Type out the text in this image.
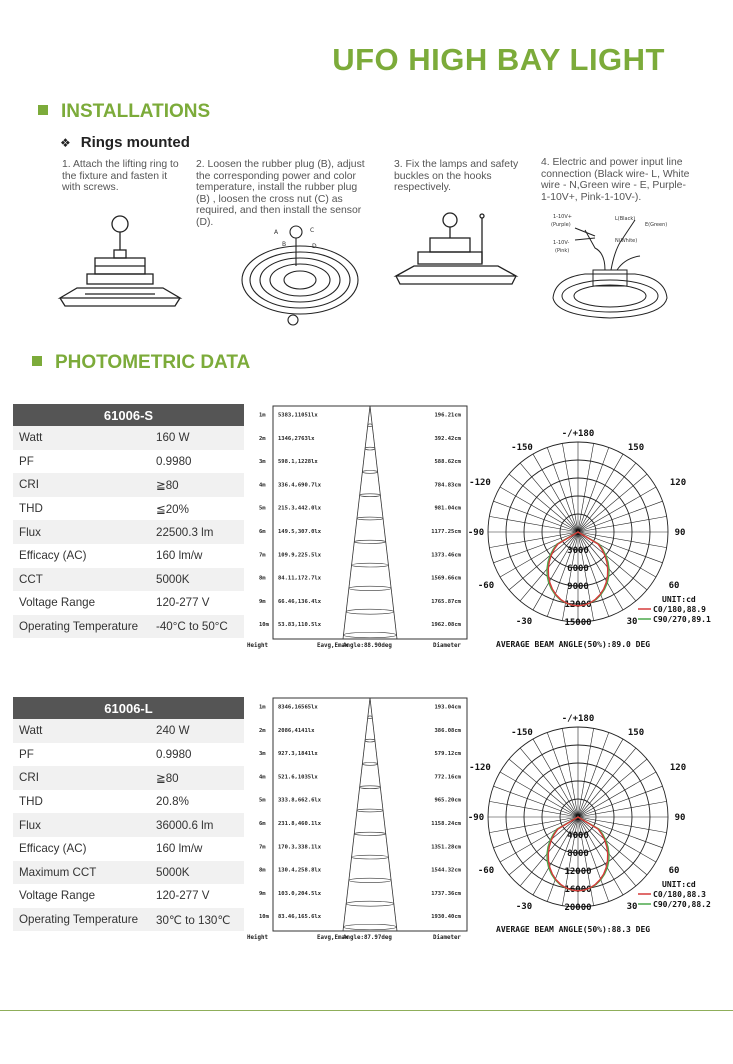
UFO HIGH BAY LIGHT
INSTALLATIONS
❖ Rings mounted
1. Attach the lifting ring to the fixture and fasten it with screws.
2. Loosen the rubber plug (B), adjust the corresponding power and color temperature, install the rubber plug (B) , loosen the cross nut (C) as required, and then install the sensor (D).
3. Fix the lamps and safety buckles on the hooks respectively.
4. Electric and power input line connection (Black wire- L, White wire - N,Green wire - E, Purple-1-10V+, Pink-1-10V-).
A
B
C
D
1-10V+
(Purple)
1-10V-
(Pink)
L(Black)
N(White)
E(Green)
PHOTOMETRIC DATA
61006-S	
Watt	160 W
PF	0.9980
CRI	≧80
THD	≦20%
Flux	22500.3 lm
Efficacy (AC)	160 lm/w
CCT	5000K
Voltage Range	120-277 V
Operating Temperature	-40°C to 50°C
61006-L	
Watt	240 W
PF	0.9980
CRI	≧80
THD	20.8%
Flux	36000.6 lm
Efficacy (AC)	160 lm/w
Maximum CCT	5000K
Voltage Range	120-277 V
Operating Temperature	30℃ to 130℃
1m 5383,11051lx	196.21cm
2m 1346,2763lx	392.42cm
3m 598.1,1228lx	588.62cm
4m 336.4,690.7lx	784.83cm
5m 215.3,442.0lx	981.04cm
6m 149.5,307.0lx	1177.25cm
7m 109.9,225.5lx	1373.46cm
8m 84.11,172.7lx	1569.66cm
9m 66.46,136.4lx	1765.87cm
10m 53.83,110.5lx	1962.08cm
Height	Eavg,Emax
Angle:88.90deg	Diameter
1m 8346,16565lx	193.04cm
2m 2086,4141lx	386.08cm
3m 927.3,1841lx	579.12cm
4m 521.6,1035lx	772.16cm
5m 333.8,662.6lx	965.20cm
6m 231.8,460.1lx	1158.24cm
7m 170.3,338.1lx	1351.28cm
8m 130.4,258.8lx	1544.32cm
9m 103.0,204.5lx	1737.36cm
10m 83.46,165.6lx	1930.40cm
Height	Eavg,Emax
Angle:87.97deg	Diameter
-/+180
-150	150
-120	120
-90	90
-60	60
-30	30
0
3000
6000
9000
12000
15000
UNIT:cd
C0/180,88.9
C90/270,89.1
AVERAGE BEAM ANGLE(50%):89.0 DEG
-/+180
-150	150
-120	120
-90	90
-60	60
-30	30
0
4000
8000
12000
16000
20000
UNIT:cd
C0/180,88.3
C90/270,88.2
AVERAGE BEAM ANGLE(50%):88.3 DEG
